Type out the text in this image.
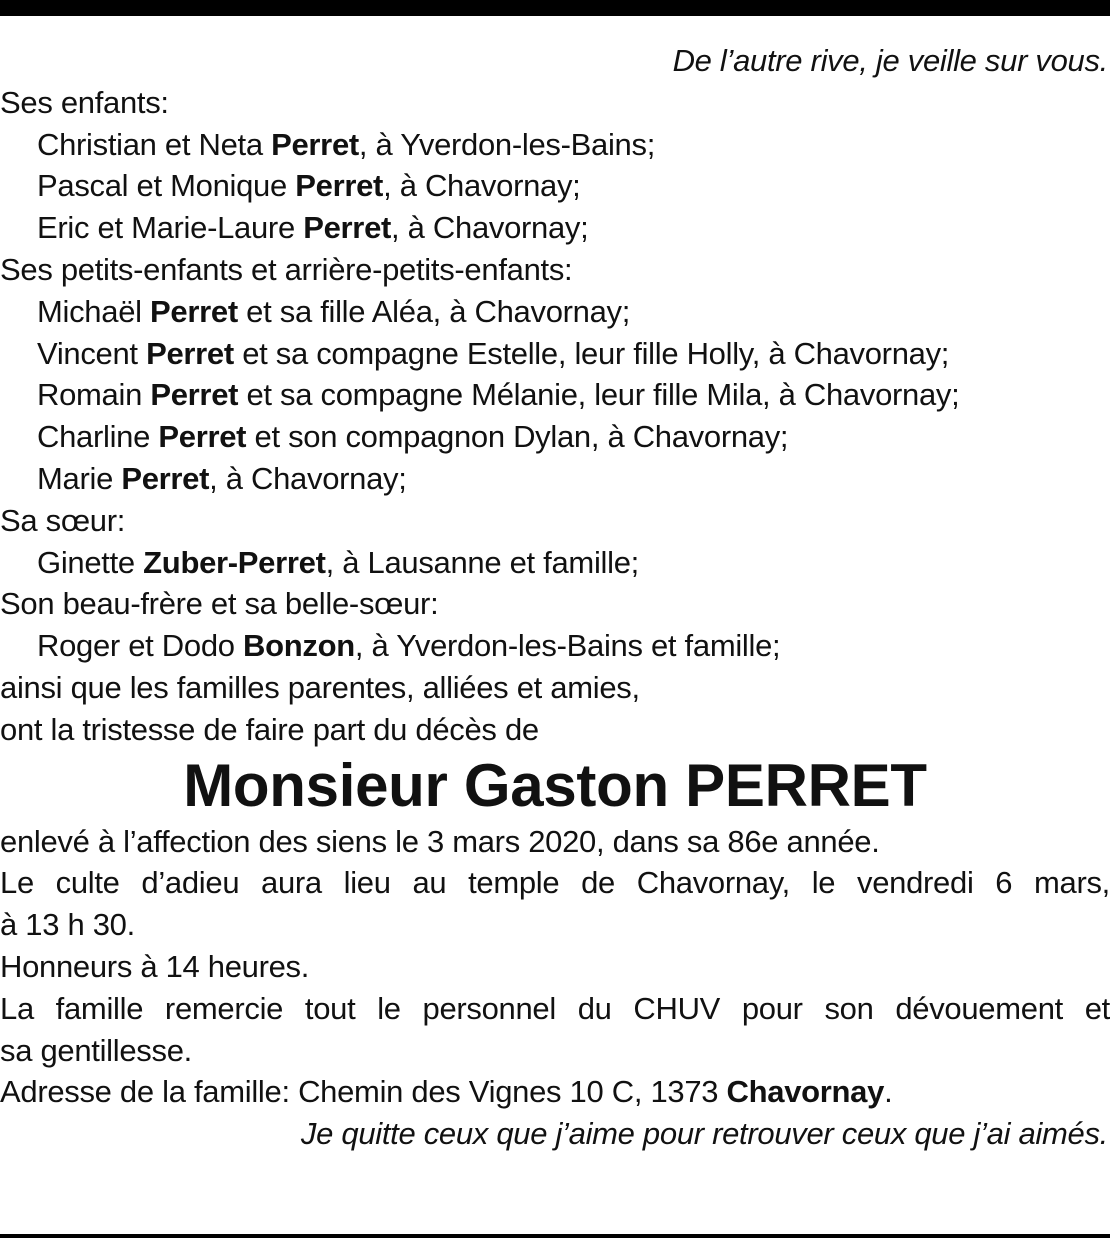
De l’autre rive, je veille sur vous.

Ses enfants:

Christian et Neta Perret, à Yverdon-les-Bains;

Pascal et Monique Perret, à Chavornay;

Eric et Marie-Laure Perret, à Chavornay;

Ses petits-enfants et arrière-petits-enfants:

Michaël Perret et sa fille Aléa, à Chavornay;

Vincent Perret et sa compagne Estelle, leur fille Holly, à Chavornay;

Romain Perret et sa compagne Mélanie, leur fille Mila, à Chavornay;

Charline Perret et son compagnon Dylan, à Chavornay;

Marie Perret, à Chavornay;

Sa sœur:

Ginette Zuber-Perret, à Lausanne et famille;

Son beau-frère et sa belle-sœur:

Roger et Dodo Bonzon, à Yverdon-les-Bains et famille;

ainsi que les familles parentes, alliées et amies,

ont la tristesse de faire part du décès de

Monsieur Gaston PERRET

enlevé à l’affection des siens le 3 mars 2020, dans sa 86e année.

Le culte d’adieu aura lieu au temple de Chavornay, le vendredi 6 mars,

à 13 h 30.

Honneurs à 14 heures.

La famille remercie tout le personnel du CHUV pour son dévouement et

sa gentillesse.

Adresse de la famille: Chemin des Vignes 10 C, 1373 Chavornay.

Je quitte ceux que j’aime pour retrouver ceux que j’ai aimés.
